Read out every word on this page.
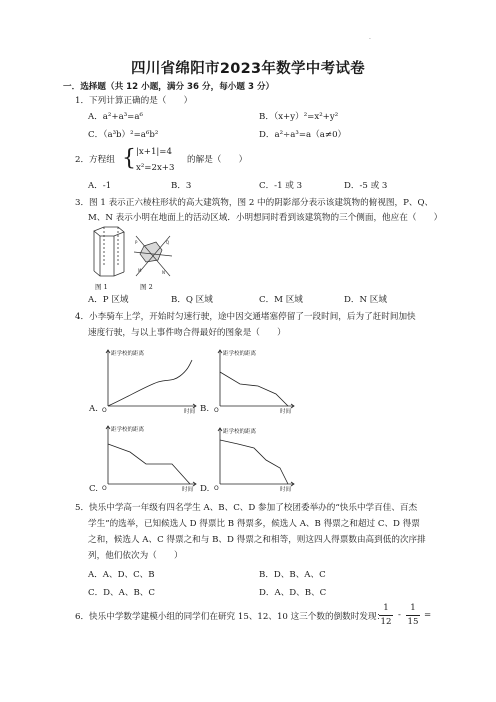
.
四川省绵阳市2023年数学中考试卷
一．选择题（共 12 小题，满分 36 分，每小题 3 分）
1．下列计算正确的是（　　）
A．a²+a³=a⁶	B．（x+y）²=x²+y²
C．（a³b）²=a⁶b²	D．a²÷a³=a（a≠0）
2．方程组 { |x+1|=4
x²=2x+3
的解是（　　）
A．-1	B．3	C．-1 或 3	D．-5 或 3
3．图 1 表示正六棱柱形状的高大建筑物，图 2 中的阴影部分表示该建筑物的俯视图，P、Q、
M、N 表示小明在地面上的活动区域．小明想同时看到该建筑物的三个侧面，他应在（　　）
图 1
P	Q
M	N
图 2
A．P 区域	B．Q 区域	C．M 区域	D．N 区域
4．小李骑车上学，开始时匀速行驶，途中因交通堵塞停留了一段时间，后为了赶时间加快
速度行驶，与以上事件吻合得最好的图象是（　　）
距学校的距离
时间
O
A.
距学校的距离
时间
O
B.
距学校的距离
时间
O
C.
距学校的距离
时间
O
D.
5．快乐中学高一年级有四名学生 A、B、C、D 参加了校团委举办的“快乐中学百佳、百杰
学生”的选举，已知候选人 D 得票比 B 得票多，候选人 A、B 得票之和超过 C、D 得票
之和，候选人 A、C 得票之和与 B、D 得票之和相等，则这四人得票数由高到低的次序排
列，他们依次为（　　）
A．A、D、C、B	B．D、B、A、C
C．D、A、B、C	D．A、D、B、C
6．快乐中学数学建模小组的同学们在研究 15、12、10 这三个数的倒数时发现：
1
12
-
1
15
=
